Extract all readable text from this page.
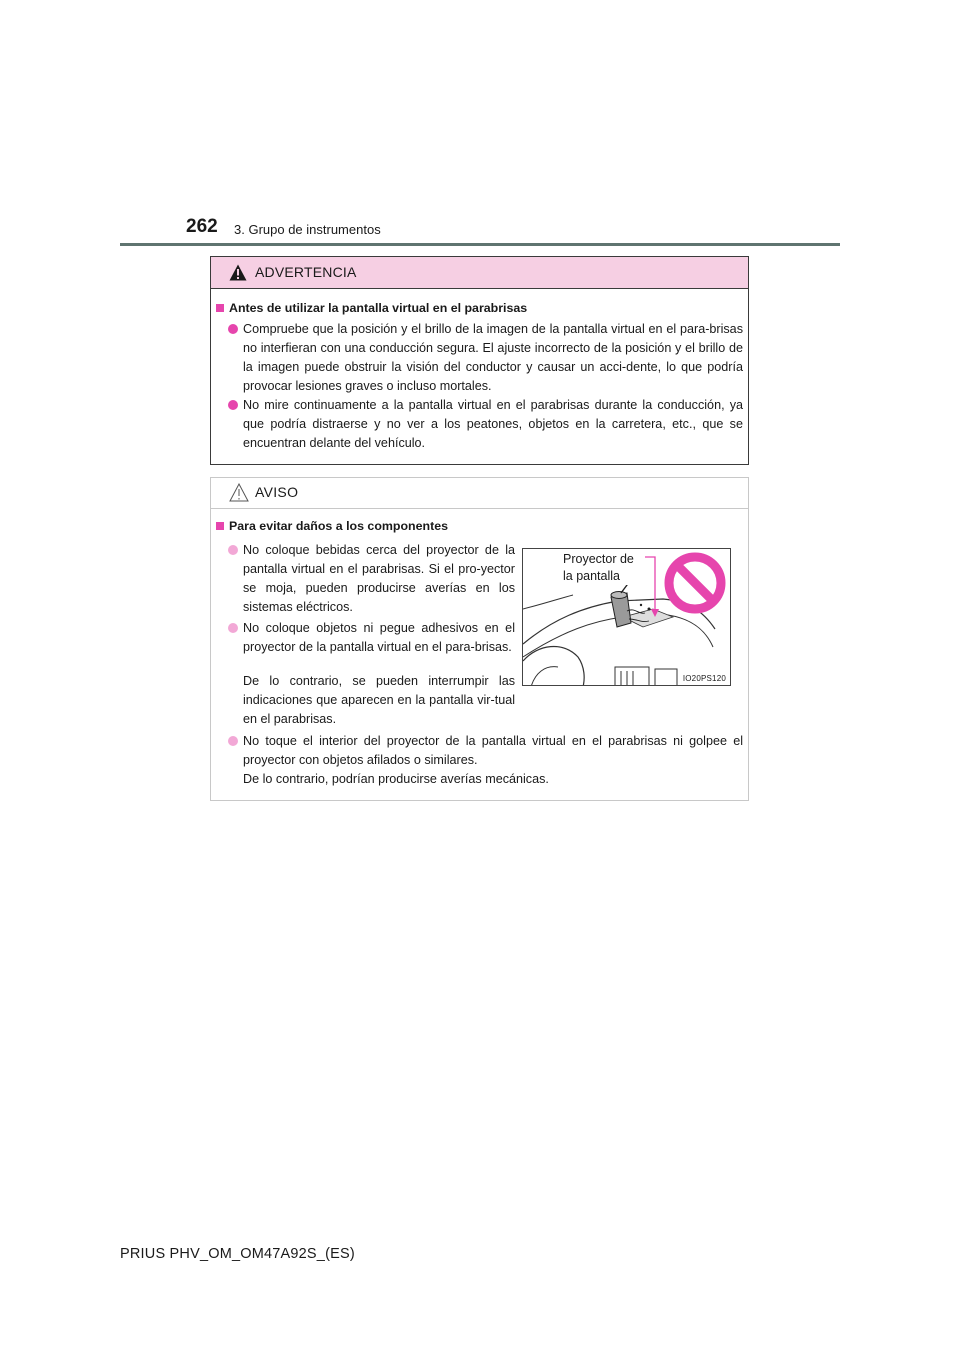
262 3. Grupo de instrumentos
ADVERTENCIA
Antes de utilizar la pantalla virtual en el parabrisas
Compruebe que la posición y el brillo de la imagen de la pantalla virtual en el para-brisas no interfieran con una conducción segura. El ajuste incorrecto de la posición y el brillo de la imagen puede obstruir la visión del conductor y causar un acci-dente, lo que podría provocar lesiones graves o incluso mortales.
No mire continuamente a la pantalla virtual en el parabrisas durante la conducción, ya que podría distraerse y no ver a los peatones, objetos en la carretera, etc., que se encuentran delante del vehículo.
AVISO
Para evitar daños a los componentes
No coloque bebidas cerca del proyector de la pantalla virtual en el parabrisas. Si el pro-yector se moja, pueden producirse averías en los sistemas eléctricos.
No coloque objetos ni pegue adhesivos en el proyector de la pantalla virtual en el para-brisas.
De lo contrario, se pueden interrumpir las indicaciones que aparecen en la pantalla vir-tual en el parabrisas.
No toque el interior del proyector de la pantalla virtual en el parabrisas ni golpee el proyector con objetos afilados o similares.
De lo contrario, podrían producirse averías mecánicas.
Proyector de
la pantalla
IO20PS120
PRIUS PHV_OM_OM47A92S_(ES)
